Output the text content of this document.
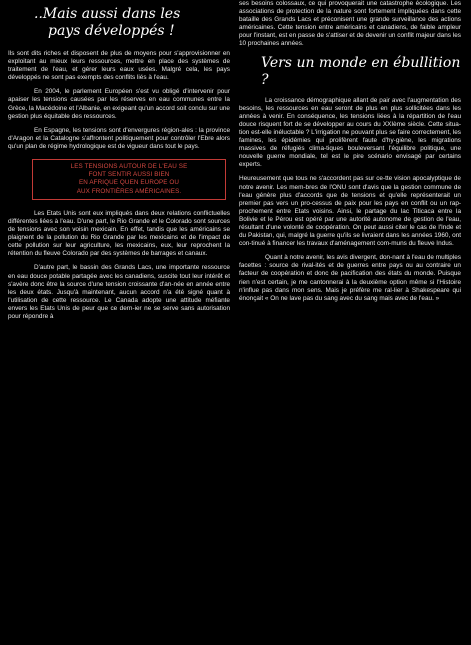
..Mais aussi dans les
pays développés !

Ils sont dits riches et disposent de plus de moyens pour s'approvisionner en exploitant au mieux leurs ressources, mettre en place des systèmes de traitement de l'eau, et gérer leurs eaux usées. Malgré cela, les pays développés ne sont pas exempts des conflits liés à l'eau.

En 2004, le parlement Européen s'est vu obligé d'intervenir pour apaiser les tensions causées par les réserves en eau communes entre la Grèce, la Macédoine et l'Albanie, en exigeant qu'un accord soit conclu sur une gestion plus équitable des ressources.

En Espagne, les tensions sont d'envergures région-ales : la province d'Aragon et la Catalogne s'affrontent politiquement pour contrôler l'Ebre alors qu'un plan de régime hydrologique est de vigueur dans tout le pays.

LES TENSIONS AUTOUR DE L'EAU SE
FONT SENTIR AUSSI BIEN
EN AFRIQUE QUEN EUROPE OU
AUX FRONTIÈRES AMÉRICAINES.

Les Etats Unis sont eux impliqués dans deux relations conflictuelles différentes liées à l'eau. D'une part, le Rio Grande et le Colorado sont sources de tensions avec son voisin mexicain. En effet, tandis que les américains se plaignent de la pollution du Rio Grande par les mexicains et de l'impact de cette pollution sur leur agriculture, les mexicains, eux, leur reprochent la rétention du fleuve Colorado par des systèmes de barrages et canaux.

D'autre part, le bassin des Grands Lacs, une importante ressource en eau douce potable partagée avec les canadiens, suscite tout leur intérêt et s'avère donc être la source d'une tension croissante d'an-née en année entre les deux états. Jusqu'à maintenant, aucun accord n'a été signé quant à l'utilisation de cette ressource. Le Canada adopte une attitude méfiante envers les Etats Unis de peur que ce dern-ier ne se serve sans autorisation pour répondre à

ses besoins colossaux, ce qui provoquerait une catastrophe écologique. Les associations de protection de la nature sont fortement impliquées dans cette bataille des Grands Lacs et préconisent une grande surveillance des actions américaines. Cette tension entre américains et canadiens, de faible ampleur pour l'instant, est en passe de s'attiser et de devenir un conflit majeur dans les 10 prochaines années.

Vers un monde en ébullition ?

La croissance démographique allant de pair avec l'augmentation des besoins, les ressources en eau seront de plus en plus sollicitées dans les années à venir. En conséquence, les tensions liées à la répartition de l'eau douce risquent fort de se développer au cours du XXIème siècle. Cette situa-tion est-elle inéluctable ? L'irrigation ne pouvant plus se faire correctement, les famines, les épidémies qui prolifèrent faute d'hy-giène, les migrations massives de réfugiés clima-tiques bouleversant l'équilibre politique, une nouvelle guerre mondiale, tel est le pire scénario envisagé par certains experts.

Heureusement que tous ne s'accordent pas sur ce-tte vision apocalyptique de notre avenir. Les mem-bres de l'ONU sont d'avis que la gestion commune de l'eau génère plus d'accords que de tensions et qu'elle représenterait un premier pas vers un pro-cessus de paix pour les pays en conflit ou un rap-prochement entre Etats voisins. Ainsi, le partage du lac Titicaca entre la Bolivie et le Pérou est opéré par une autorité autonome de gestion de l'eau, résultant d'une volonté de coopération. On peut aussi citer le cas de l'Inde et du Pakistan, qui, malgré la guerre qu'ils se livraient dans les années 1960, ont con-tinué à financer les travaux d'aménagement com-muns du fleuve Indus.

Quant à notre avenir, les avis divergent, don-nant à l'eau de multiples facettes : source de rival-ités et de guerres entre pays ou au contraire un facteur de coopération et donc de pacification des états du monde. Puisque rien n'est certain, je me cantonnerai à la deuxième option même si l'Histoire n'influe pas dans mon sens. Mais je préfère me ral-lier à Shakespeare qui énonçait « On ne lave pas du sang avec du sang mais avec de l'eau. »
